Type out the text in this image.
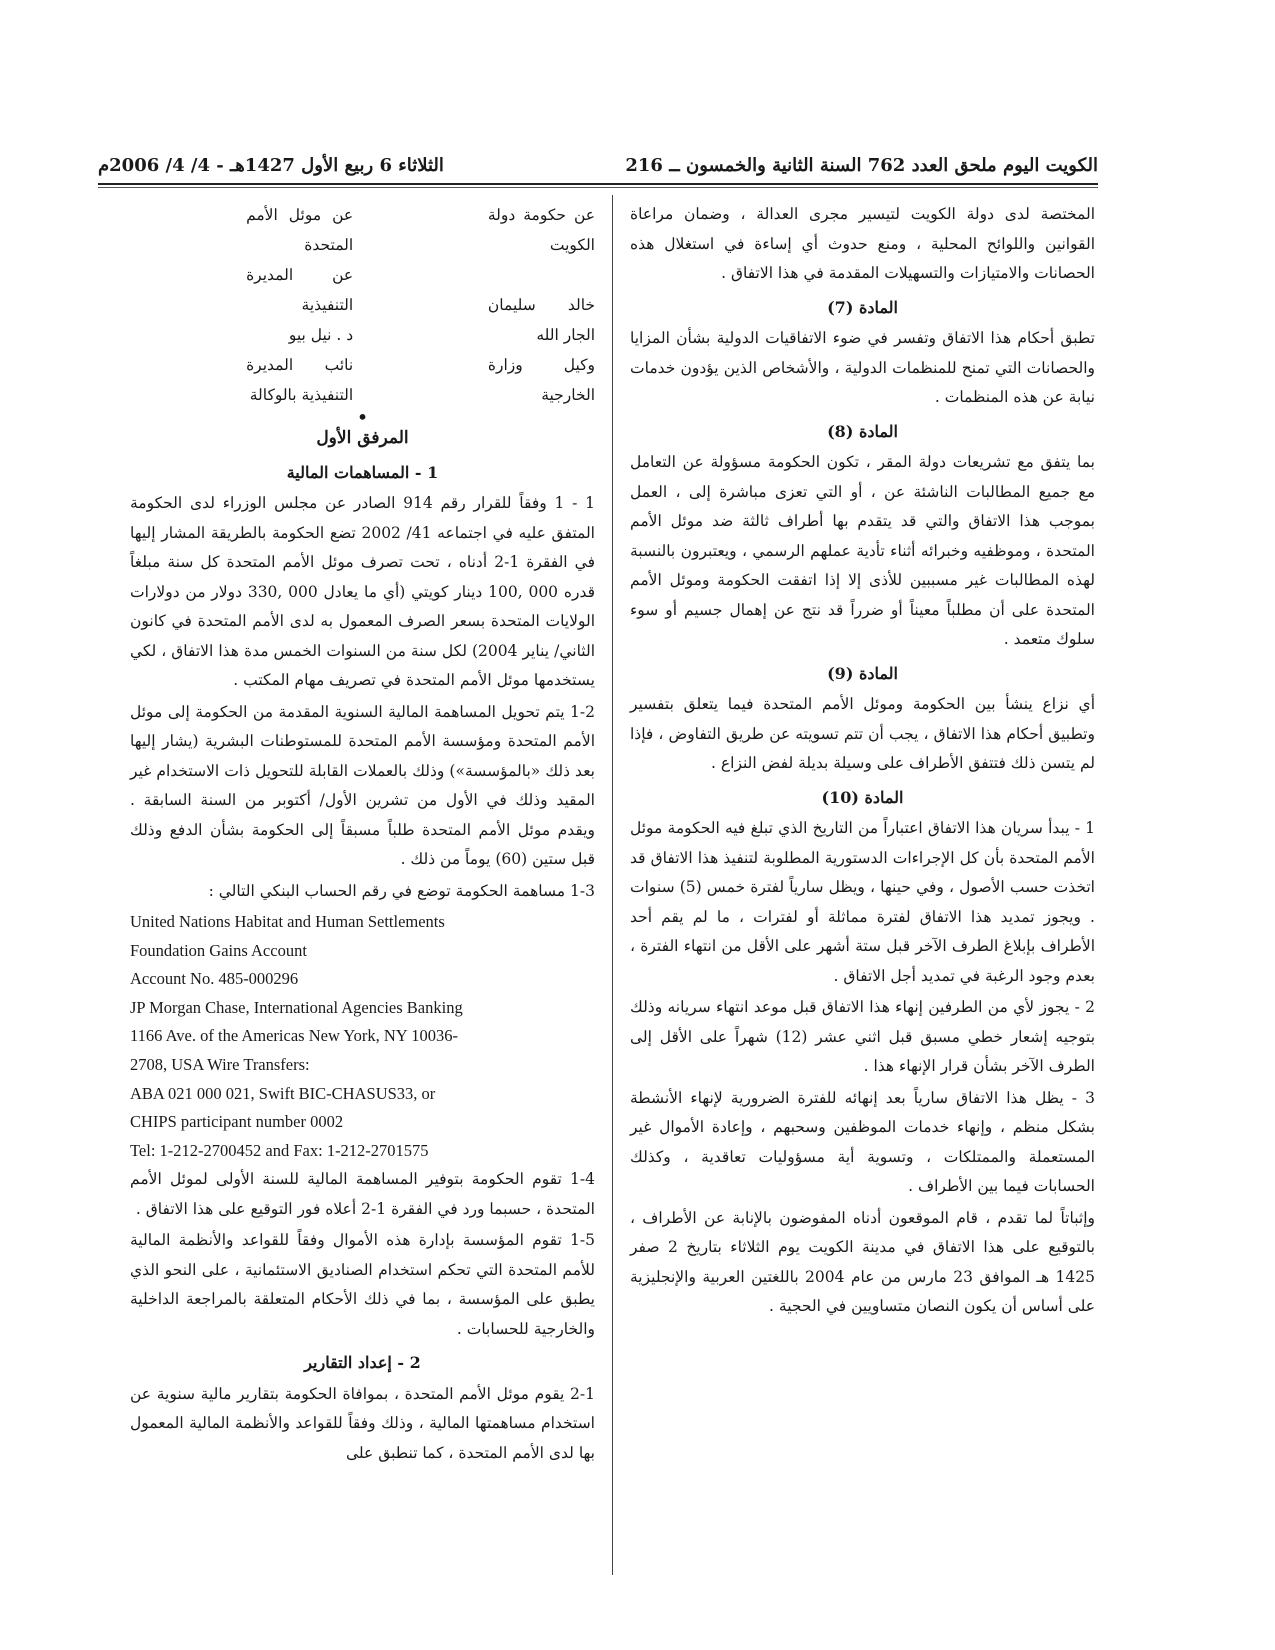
الكويت اليوم ملحق العدد 762 السنة الثانية والخمسون ــ 216
الثلاثاء 6 ربيع الأول 1427هـ - 4/ 4/ 2006م

المختصة لدى دولة الكويت لتيسير مجرى العدالة ، وضمان مراعاة القوانين واللوائح المحلية ، ومنع حدوث أي إساءة في استغلال هذه الحصانات والامتيازات والتسهيلات المقدمة في هذا الاتفاق .

المادة (7)

تطبق أحكام هذا الاتفاق وتفسر في ضوء الاتفاقيات الدولية بشأن المزايا والحصانات التي تمنح للمنظمات الدولية ، والأشخاص الذين يؤدون خدمات نيابة عن هذه المنظمات .

المادة (8)

بما يتفق مع تشريعات دولة المقر ، تكون الحكومة مسؤولة عن التعامل مع جميع المطالبات الناشئة عن ، أو التي تعزى مباشرة إلى ، العمل بموجب هذا الاتفاق والتي قد يتقدم بها أطراف ثالثة ضد موئل الأمم المتحدة ، وموظفيه وخبرائه أثناء تأدية عملهم الرسمي ، ويعتبرون بالنسبة لهذه المطالبات غير مسببين للأذى إلا إذا اتفقت الحكومة وموئل الأمم المتحدة على أن مطلباً معيناً أو ضرراً قد نتج عن إهمال جسيم أو سوء سلوك متعمد .

المادة (9)

أي نزاع ينشأ بين الحكومة وموئل الأمم المتحدة فيما يتعلق بتفسير وتطبيق أحكام هذا الاتفاق ، يجب أن تتم تسويته عن طريق التفاوض ، فإذا لم يتسن ذلك فتتفق الأطراف على وسيلة بديلة لفض النزاع .

المادة (10)

1 - يبدأ سريان هذا الاتفاق اعتباراً من التاريخ الذي تبلغ فيه الحكومة موئل الأمم المتحدة بأن كل الإجراءات الدستورية المطلوبة لتنفيذ هذا الاتفاق قد اتخذت حسب الأصول ، وفي حينها ، ويظل سارياً لفترة خمس (5) سنوات . ويجوز تمديد هذا الاتفاق لفترة مماثلة أو لفترات ، ما لم يقم أحد الأطراف بإبلاغ الطرف الآخر قبل ستة أشهر على الأقل من انتهاء الفترة ، بعدم وجود الرغبة في تمديد أجل الاتفاق .

2 - يجوز لأي من الطرفين إنهاء هذا الاتفاق قبل موعد انتهاء سريانه وذلك بتوجيه إشعار خطي مسبق قبل اثني عشر (12) شهراً على الأقل إلى الطرف الآخر بشأن قرار الإنهاء هذا .

3 - يظل هذا الاتفاق سارياً بعد إنهائه للفترة الضرورية لإنهاء الأنشطة بشكل منظم ، وإنهاء خدمات الموظفين وسحبهم ، وإعادة الأموال غير المستعملة والممتلكات ، وتسوية أية مسؤوليات تعاقدية ، وكذلك الحسابات فيما بين الأطراف .

وإثباتاً لما تقدم ، قام الموقعون أدناه المفوضون بالإنابة عن الأطراف ، بالتوقيع على هذا الاتفاق في مدينة الكويت يوم الثلاثاء بتاريخ 2 صفر 1425 هـ الموافق 23 مارس من عام 2004 باللغتين العربية والإنجليزية على أساس أن يكون النصان متساويين في الحجية .

عن حكومة دولة الكويت

خالد سليمان الجار الله
وكيل وزارة الخارجية
عن موئل الأمم المتحدة
عن المديرة التنفيذية
د . نيل بيو
نائب المديرة التنفيذية بالوكالة
•
المرفق الأول
1 - المساهمات المالية

1 - 1 وفقاً للقرار رقم 914 الصادر عن مجلس الوزراء لدى الحكومة المتفق عليه في اجتماعه 41/ 2002 تضع الحكومة بالطريقة المشار إليها في الفقرة 1-2 أدناه ، تحت تصرف موئل الأمم المتحدة كل سنة مبلغاً قدره 000 ,100 دينار كويتي (أي ما يعادل 000 ,330 دولار من دولارات الولايات المتحدة بسعر الصرف المعمول به لدى الأمم المتحدة في كانون الثاني/ يناير 2004) لكل سنة من السنوات الخمس مدة هذا الاتفاق ، لكي يستخدمها موئل الأمم المتحدة في تصريف مهام المكتب .

1-2 يتم تحويل المساهمة المالية السنوية المقدمة من الحكومة إلى موئل الأمم المتحدة ومؤسسة الأمم المتحدة للمستوطنات البشرية (يشار إليها بعد ذلك «بالمؤسسة») وذلك بالعملات القابلة للتحويل ذات الاستخدام غير المقيد وذلك في الأول من تشرين الأول/ أكتوبر من السنة السابقة . ويقدم موئل الأمم المتحدة طلباً مسبقاً إلى الحكومة بشأن الدفع وذلك قبل ستين (60) يوماً من ذلك .

1-3 مساهمة الحكومة توضع في رقم الحساب البنكي التالي :

United Nations Habitat and Human Settlements
Foundation Gains Account
Account No. 485-000296
JP Morgan Chase, International Agencies Banking
1166 Ave. of the Americas New York, NY 10036-
2708, USA Wire Transfers:
ABA 021 000 021, Swift BIC-CHASUS33, or
CHIPS participant number 0002
Tel: 1-212-2700452 and Fax: 1-212-2701575

1-4 تقوم الحكومة بتوفير المساهمة المالية للسنة الأولى لموئل الأمم المتحدة ، حسبما ورد في الفقرة 1-2 أعلاه فور التوقيع على هذا الاتفاق .

1-5 تقوم المؤسسة بإدارة هذه الأموال وفقاً للقواعد والأنظمة المالية للأمم المتحدة التي تحكم استخدام الصناديق الاستئمانية ، على النحو الذي يطبق على المؤسسة ، بما في ذلك الأحكام المتعلقة بالمراجعة الداخلية والخارجية للحسابات .

2 - إعداد التقارير

2-1 يقوم موئل الأمم المتحدة ، بموافاة الحكومة بتقارير مالية سنوية عن استخدام مساهمتها المالية ، وذلك وفقاً للقواعد والأنظمة المالية المعمول بها لدى الأمم المتحدة ، كما تنطبق على
